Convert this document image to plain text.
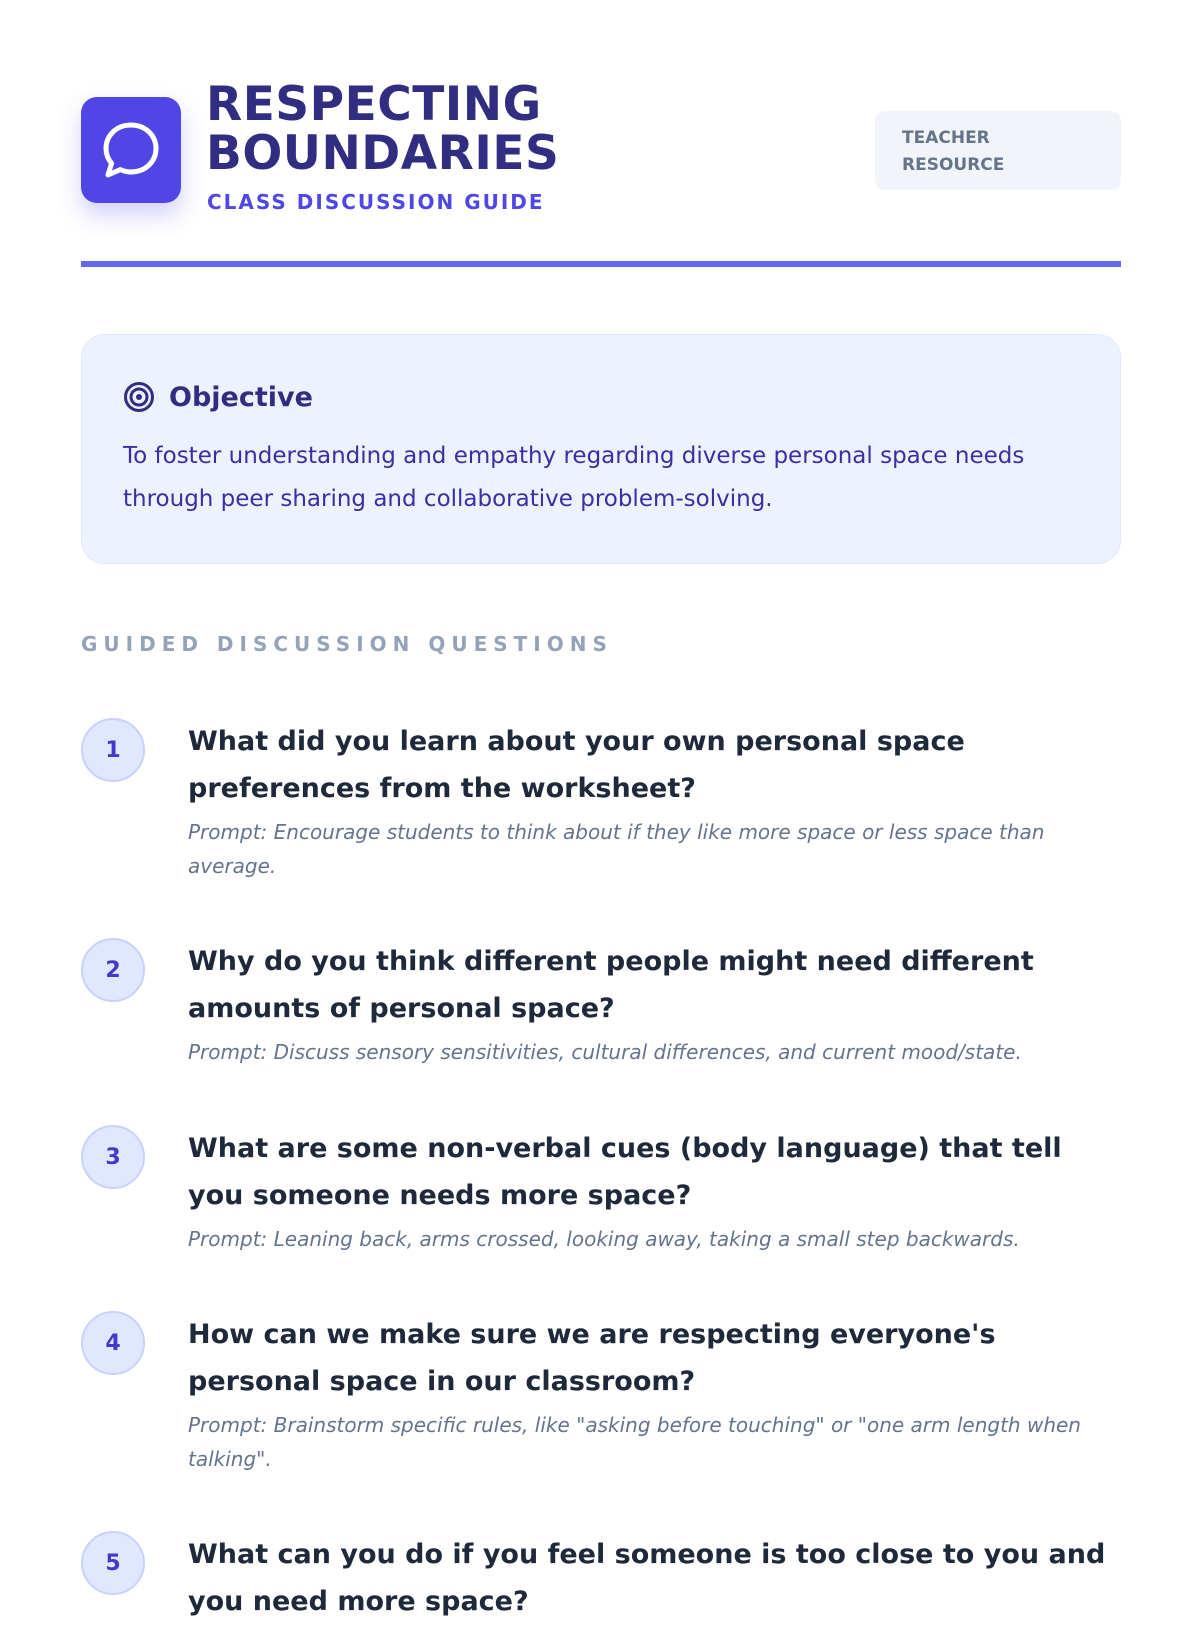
RESPECTING BOUNDARIES
CLASS DISCUSSION GUIDE
TEACHER RESOURCE
Objective

To foster understanding and empathy regarding diverse personal space needs through peer sharing and collaborative problem-solving.

GUIDED DISCUSSION QUESTIONS
1	What did you learn about your own personal space preferences from the worksheet?

Prompt: Encourage students to think about if they like more space or less space than average.

2	Why do you think different people might need different amounts of personal space?

Prompt: Discuss sensory sensitivities, cultural differences, and current mood/state.

3	What are some non-verbal cues (body language) that tell you someone needs more space?

Prompt: Leaning back, arms crossed, looking away, taking a small step backwards.

4	How can we make sure we are respecting everyone's personal space in our classroom?

Prompt: Brainstorm specific rules, like "asking before touching" or "one arm length when talking".

5	What can you do if you feel someone is too close to you and you need more space?
